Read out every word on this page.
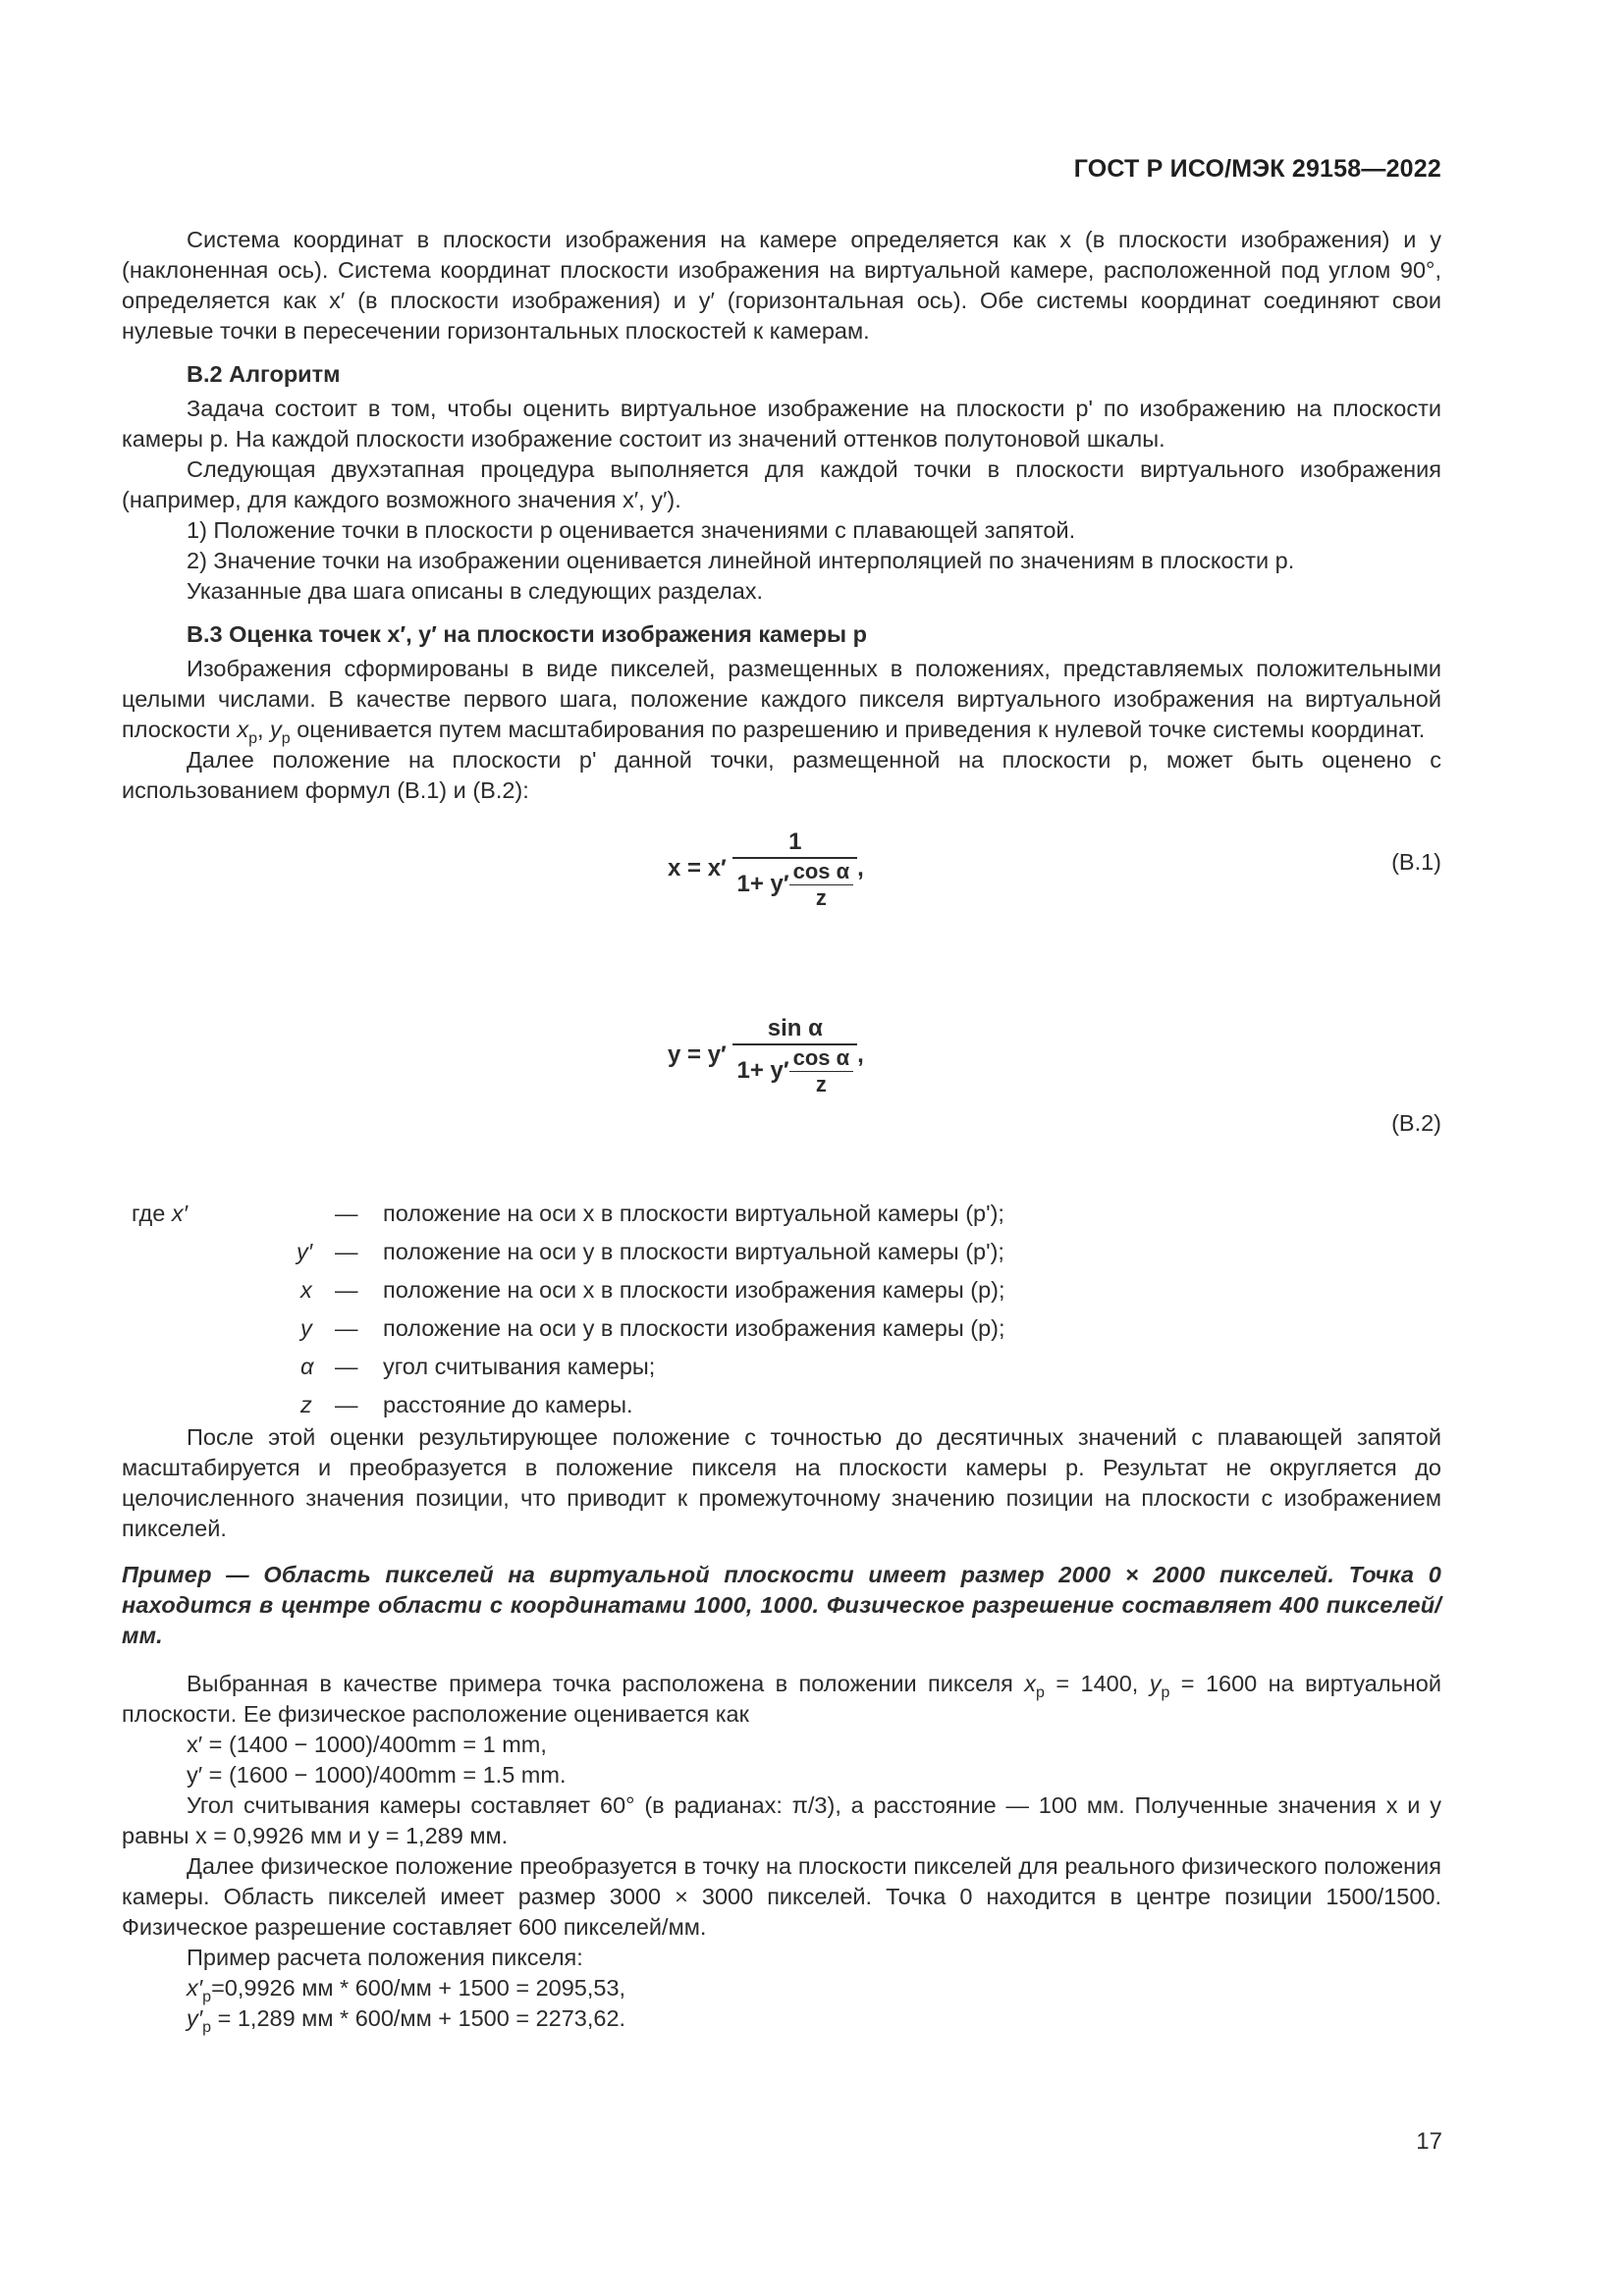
ГОСТ Р ИСО/МЭК 29158—2022

Система координат в плоскости изображения на камере определяется как x (в плоскости изображения) и y (наклоненная ось). Система координат плоскости изображения на виртуальной камере, расположенной под углом 90°, определяется как x′ (в плоскости изображения) и y′ (горизонтальная ось). Обе системы координат соединяют свои нулевые точки в пересечении горизонтальных плоскостей к камерам.

B.2 Алгоритм

Задача состоит в том, чтобы оценить виртуальное изображение на плоскости p' по изображению на плоскости камеры p. На каждой плоскости изображение состоит из значений оттенков полутоновой шкалы.

Следующая двухэтапная процедура выполняется для каждой точки в плоскости виртуального изображения (например, для каждого возможного значения x′, y′).

1) Положение точки в плоскости p оценивается значениями с плавающей запятой.

2) Значение точки на изображении оценивается линейной интерполяцией по значениям в плоскости p.

Указанные два шага описаны в следующих разделах.

B.3 Оценка точек x′, y′ на плоскости изображения камеры p

Изображения сформированы в виде пикселей, размещенных в положениях, представляемых положительными целыми числами. В качестве первого шага, положение каждого пикселя виртуального изображения на виртуальной плоскости $x_p$, $y_p$ оценивается путем масштабирования по разрешению и приведения к нулевой точке системы координат.

Далее положение на плоскости p' данной точки, размещенной на плоскости p, может быть оценено с использованием формул (B.1) и (B.2):

$x = x' \frac{1}{1+ y' \frac{\text{cos α}}{z}}$ ,	(B.1)
$y = y' \frac{\text{sin α}}{1+ y' \frac{\text{cos α}}{z}}$ ,
(B.2)
где x′	— положение на оси x в плоскости виртуальной камеры (p');
y′ — положение на оси y в плоскости виртуальной камеры (p');
x — положение на оси x в плоскости изображения камеры (p);
y — положение на оси y в плоскости изображения камеры (p);
α — угол считывания камеры;
z — расстояние до камеры.

После этой оценки результирующее положение с точностью до десятичных значений с плавающей запятой масштабируется и преобразуется в положение пикселя на плоскости камеры p. Результат не округляется до целочисленного значения позиции, что приводит к промежуточному значению позиции на плоскости с изображением пикселей.

Пример — Область пикселей на виртуальной плоскости имеет размер 2000 × 2000 пикселей. Точка 0 находится в центре области с координатами 1000, 1000. Физическое разрешение составляет 400 пикселей/мм.

Выбранная в качестве примера точка расположена в положении пикселя $x_p = 1400$, $y_p = 1600$ на виртуальной плоскости. Ее физическое расположение оценивается как

x′ = (1400 − 1000)/400mm = 1 mm,

y′ = (1600 − 1000)/400mm = 1.5 mm.

Угол считывания камеры составляет 60° (в радианах: π/3), а расстояние — 100 мм. Полученные значения x и y равны x = 0,9926 мм и y = 1,289 мм.

Далее физическое положение преобразуется в точку на плоскости пикселей для реального физического положения камеры. Область пикселей имеет размер 3000 × 3000 пикселей. Точка 0 находится в центре позиции 1500/1500. Физическое разрешение составляет 600 пикселей/мм.

Пример расчета положения пикселя:

$x'_p=0,9926$ мм * 600/мм + 1500 = 2095,53,

$y'_p = 1,289$ мм * 600/мм + 1500 = 2273,62.

17
